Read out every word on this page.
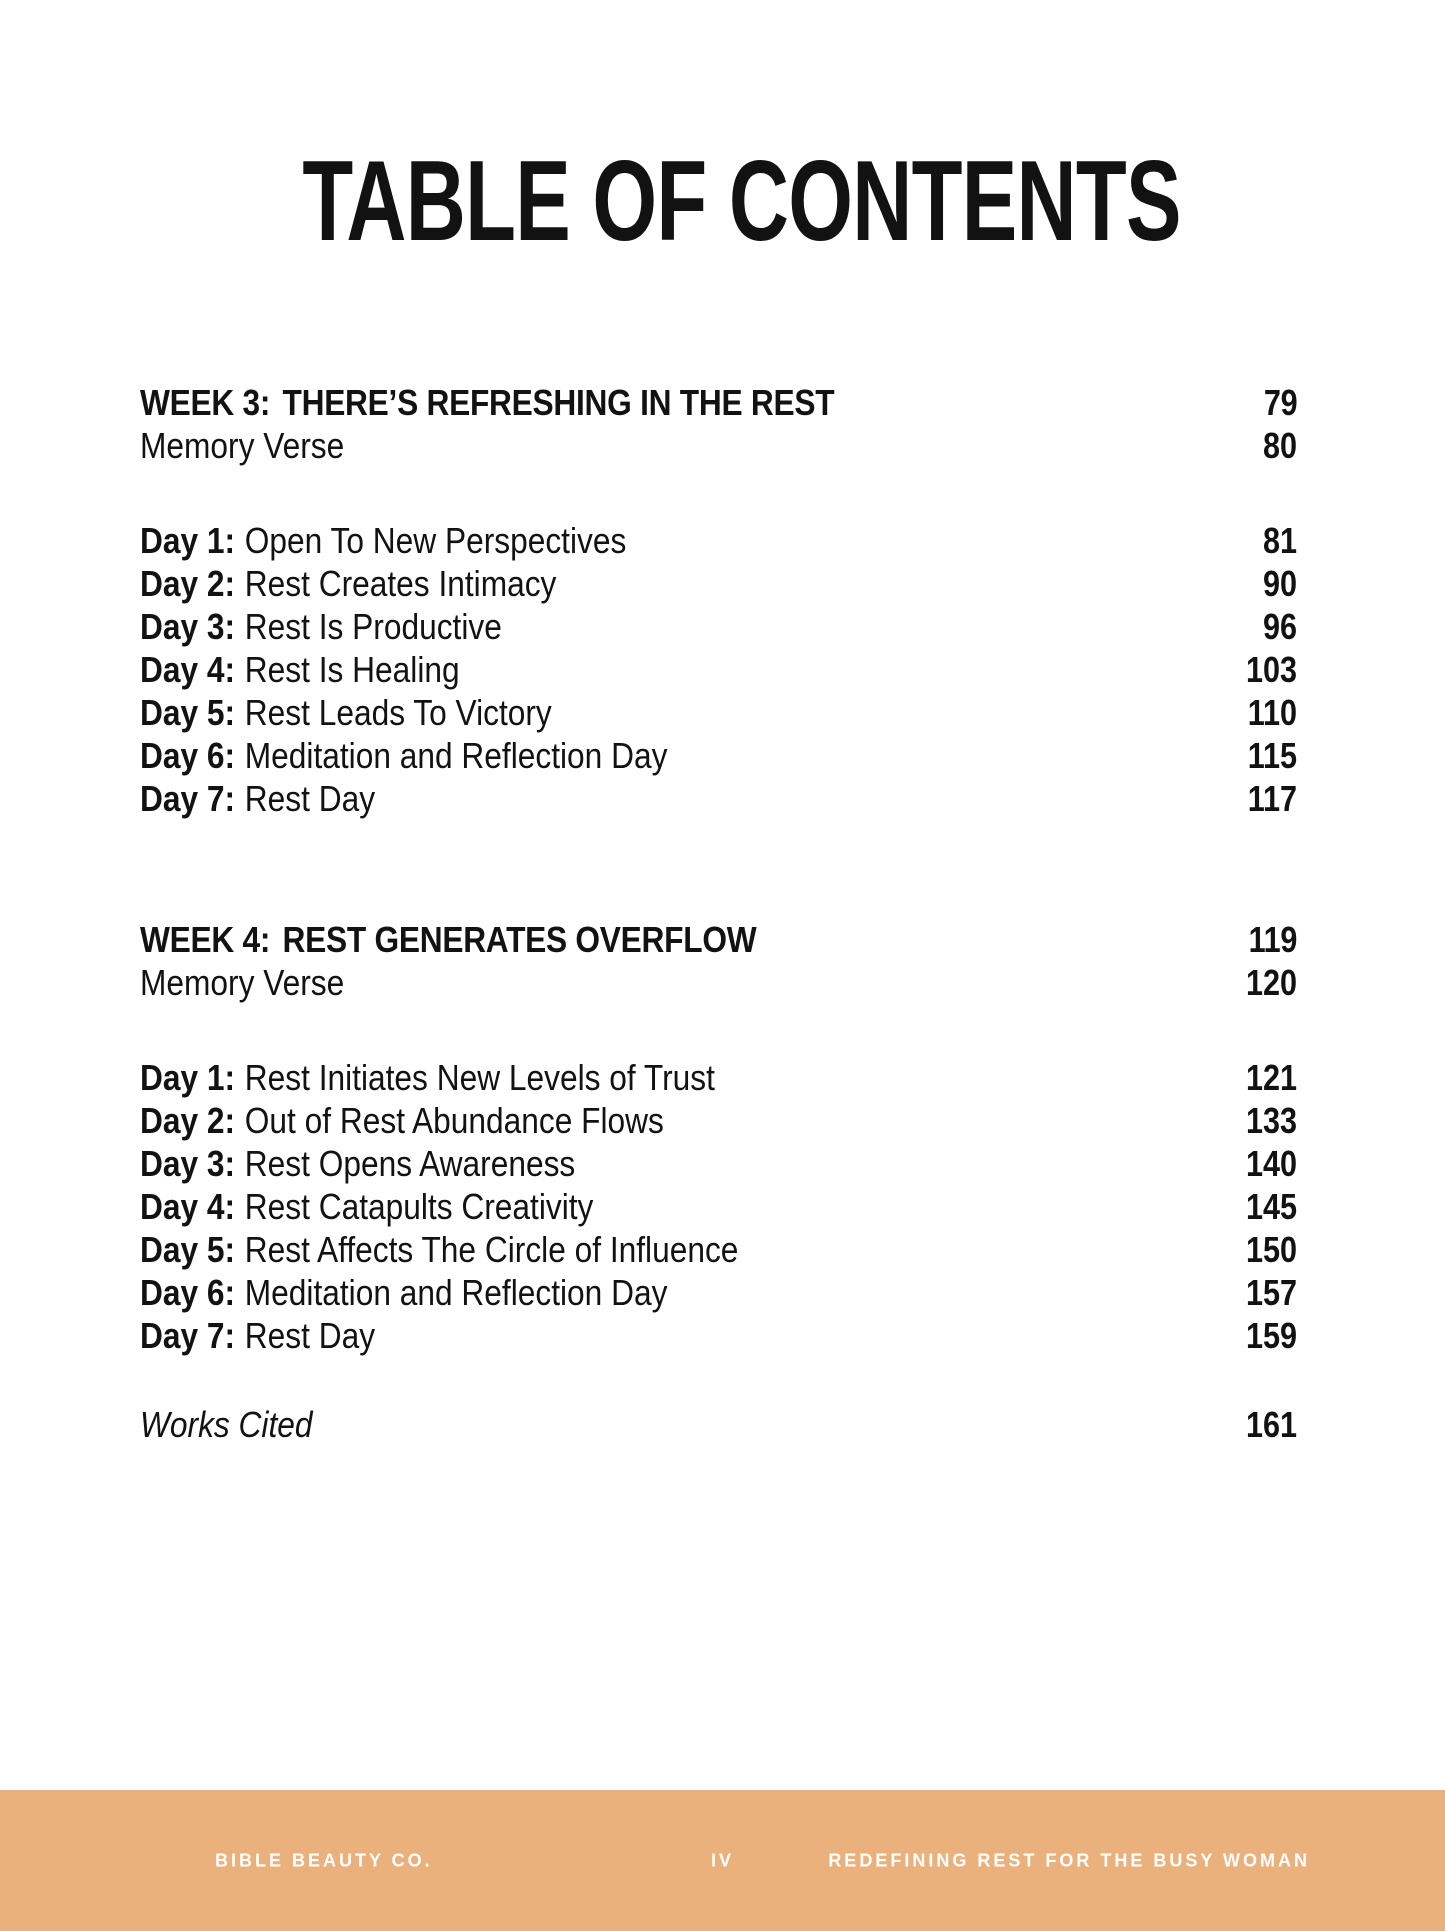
TABLE OF CONTENTS
WEEK 3: THERE’S REFRESHING IN THE REST	79
Memory Verse	80
Day 1: Open To New Perspectives	81
Day 2: Rest Creates Intimacy	90
Day 3: Rest Is Productive	96
Day 4: Rest Is Healing	103
Day 5: Rest Leads To Victory	110
Day 6: Meditation and Reflection Day	115
Day 7: Rest Day	117
WEEK 4: REST GENERATES OVERFLOW	119
Memory Verse	120
Day 1: Rest Initiates New Levels of Trust	121
Day 2: Out of Rest Abundance Flows	133
Day 3: Rest Opens Awareness	140
Day 4: Rest Catapults Creativity	145
Day 5: Rest Affects The Circle of Influence	150
Day 6: Meditation and Reflection Day	157
Day 7: Rest Day	159
Works Cited	161
BIBLE BEAUTY CO.	IV	REDEFINING REST FOR THE BUSY WOMAN
